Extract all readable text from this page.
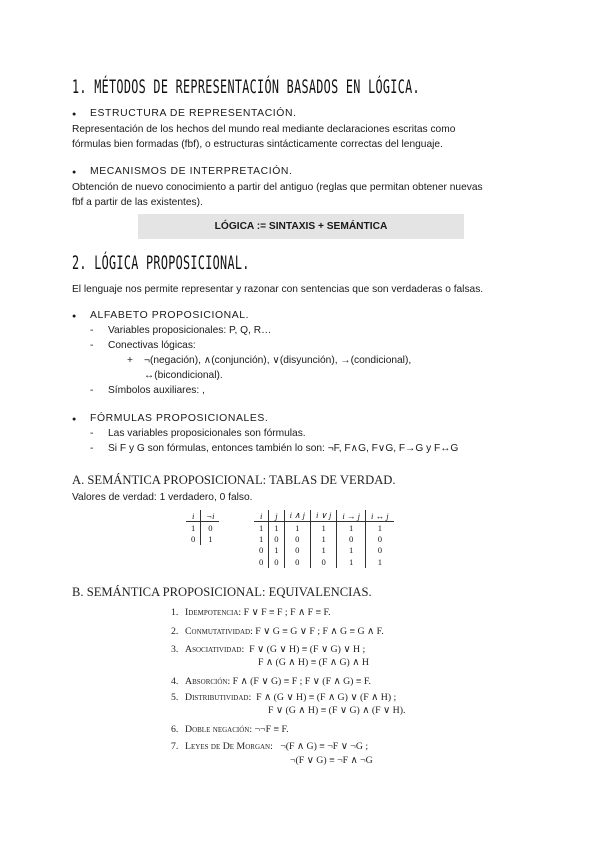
1. MÉTODOS DE REPRESENTACIÓN BASADOS EN LÓGICA.
● ESTRUCTURA DE REPRESENTACIÓN.
Representación de los hechos del mundo real mediante declaraciones escritas como
fórmulas bien formadas (fbf), o estructuras sintácticamente correctas del lenguaje.
● MECANISMOS DE INTERPRETACIÓN.
Obtención de nuevo conocimiento a partir del antiguo (reglas que permitan obtener nuevas
fbf a partir de las existentes).
LÓGICA := SINTAXIS + SEMÁNTICA
2. LÓGICA PROPOSICIONAL.
El lenguaje nos permite representar y razonar con sentencias que son verdaderas o falsas.
● ALFABETO PROPOSICIONAL.
- Variables proposicionales: P, Q, R…
- Conectivas lógicas:
+ ¬(negación), ∧(conjunción), ∨(disyunción), →(condicional),
↔(bicondicional).
- Símbolos auxiliares: ,
● FÓRMULAS PROPOSICIONALES.
- Las variables proposicionales son fórmulas.
- Si F y G son fórmulas, entonces también lo son: ¬F, F∧G, F∨G, F→G y F↔G
A. SEMÁNTICA PROPOSICIONAL: TABLAS DE VERDAD.
Valores de verdad: 1 verdadero, 0 falso.
i	¬i
1	0
0	1
i	j	i ∧ j	i ∨ j	i → j	i ↔ j
1	1	1	1	1	1
1	0	0	1	0	0
0	1	0	1	1	0
0	0	0	0	1	1
B. SEMÁNTICA PROPOSICIONAL: EQUIVALENCIAS.
1. Idempotencia: F ∨ F ≡ F ; F ∧ F ≡ F.
2. Conmutatividad: F ∨ G ≡ G ∨ F ; F ∧ G ≡ G ∧ F.
3. Asociatividad: F ∨ (G ∨ H) ≡ (F ∨ G) ∨ H ;
F ∧ (G ∧ H) ≡ (F ∧ G) ∧ H
4. Absorción: F ∧ (F ∨ G) ≡ F ; F ∨ (F ∧ G) ≡ F.
5. Distributividad: F ∧ (G ∨ H) ≡ (F ∧ G) ∨ (F ∧ H) ;
F ∨ (G ∧ H) ≡ (F ∨ G) ∧ (F ∨ H).
6. Doble negación: ¬¬F ≡ F.
7. Leyes de De Morgan: ¬(F ∧ G) ≡ ¬F ∨ ¬G ;
¬(F ∨ G) ≡ ¬F ∧ ¬G
